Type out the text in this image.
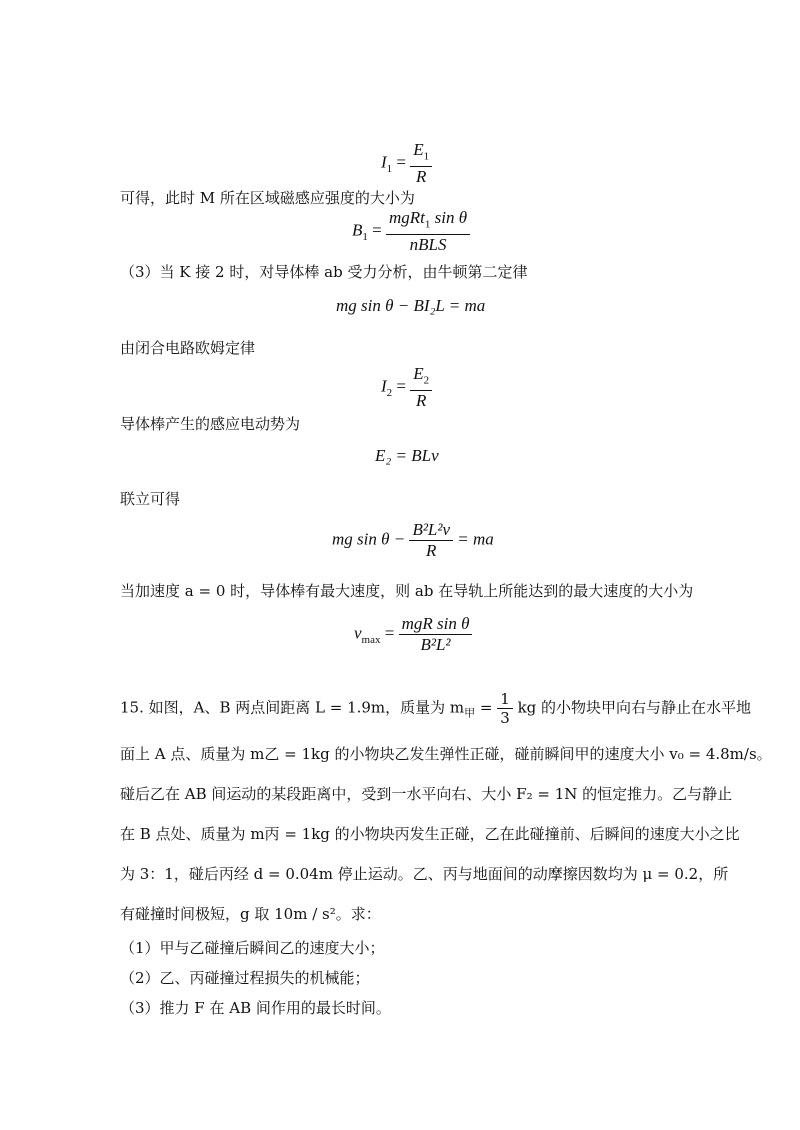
$I_1 = \frac{E_1}{R}$
可得，此时 M 所在区域磁感应强度的大小为
$B_1 = \frac{mgRt_1 \sin \theta}{\text{nBLS}}$
（3）当 K 接 2 时，对导体棒 ab 受力分析，由牛顿第二定律
mg sin θ − BI₂L = ma
由闭合电路欧姆定律
$I_2 = \frac{E_2}{R}$
导体棒产生的感应电动势为
E₂ = BLv
联立可得
mg $\sin \theta - \frac{\text{B²L²v}}{R}$ = ma
当加速度 a = 0 时，导体棒有最大速度，则 ab 在导轨上所能达到的最大速度的大小为
$v_{max} = \frac{\text{mgR sin θ}}{\text{B²L²}}$
15. 如图，A、B 两点间距离 L = 1.9m，质量为 $m_甲 = \frac{1}{3}$ kg 的小物块甲向右与静止在水平地
面上 A 点、质量为 m乙 = 1kg 的小物块乙发生弹性正碰，碰前瞬间甲的速度大小 v₀ = 4.8m/s。
碰后乙在 AB 间运动的某段距离中，受到一水平向右、大小 F₂ = 1N 的恒定推力。乙与静止
在 B 点处、质量为 m丙 = 1kg 的小物块丙发生正碰，乙在此碰撞前、后瞬间的速度大小之比
为 3：1，碰后丙经 d = 0.04m 停止运动。乙、丙与地面间的动摩擦因数均为 μ = 0.2，所
有碰撞时间极短，g 取 10m / s²。求：
（1）甲与乙碰撞后瞬间乙的速度大小；
（2）乙、丙碰撞过程损失的机械能；
（3）推力 F 在 AB 间作用的最长时间。
